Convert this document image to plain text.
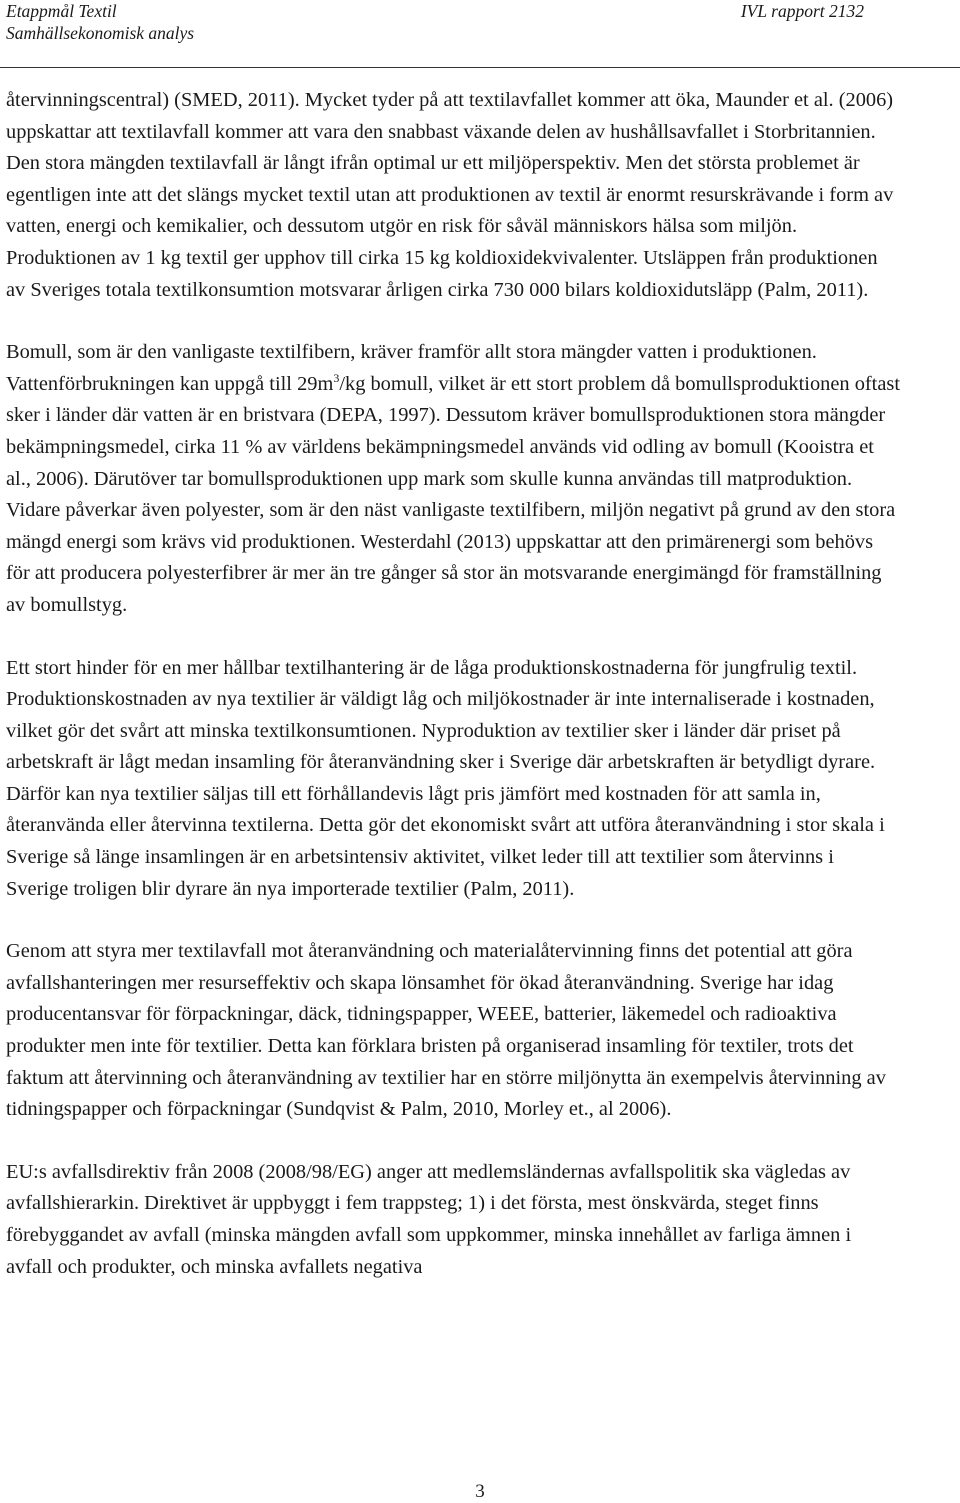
Etappmål Textil
Samhällsekonomisk analys
IVL rapport 2132

återvinningscentral) (SMED, 2011). Mycket tyder på att textilavfallet kommer att öka, Maunder et al. (2006) uppskattar att textilavfall kommer att vara den snabbast växande delen av hushållsavfallet i Storbritannien. Den stora mängden textilavfall är långt ifrån optimal ur ett miljöperspektiv. Men det största problemet är egentligen inte att det slängs mycket textil utan att produktionen av textil är enormt resurskrävande i form av vatten, energi och kemikalier, och dessutom utgör en risk för såväl människors hälsa som miljön. Produktionen av 1 kg textil ger upphov till cirka 15 kg koldioxidekvivalenter. Utsläppen från produktionen av Sveriges totala textilkonsumtion motsvarar årligen cirka 730 000 bilars koldioxidutsläpp (Palm, 2011).

Bomull, som är den vanligaste textilfibern, kräver framför allt stora mängder vatten i produktionen. Vattenförbrukningen kan uppgå till $29m^3/kg$ bomull, vilket är ett stort problem då bomullsproduktionen oftast sker i länder där vatten är en bristvara (DEPA, 1997). Dessutom kräver bomullsproduktionen stora mängder bekämpningsmedel, cirka 11 % av världens bekämpningsmedel används vid odling av bomull (Kooistra et al., 2006). Därutöver tar bomullsproduktionen upp mark som skulle kunna användas till matproduktion. Vidare påverkar även polyester, som är den näst vanligaste textilfibern, miljön negativt på grund av den stora mängd energi som krävs vid produktionen. Westerdahl (2013) uppskattar att den primärenergi som behövs för att producera polyesterfibrer är mer än tre gånger så stor än motsvarande energimängd för framställning av bomullstyg.

Ett stort hinder för en mer hållbar textilhantering är de låga produktionskostnaderna för jungfrulig textil. Produktionskostnaden av nya textilier är väldigt låg och miljökostnader är inte internaliserade i kostnaden, vilket gör det svårt att minska textilkonsumtionen. Nyproduktion av textilier sker i länder där priset på arbetskraft är lågt medan insamling för återanvändning sker i Sverige där arbetskraften är betydligt dyrare. Därför kan nya textilier säljas till ett förhållandevis lågt pris jämfört med kostnaden för att samla in, återanvända eller återvinna textilerna. Detta gör det ekonomiskt svårt att utföra återanvändning i stor skala i Sverige så länge insamlingen är en arbetsintensiv aktivitet, vilket leder till att textilier som återvinns i Sverige troligen blir dyrare än nya importerade textilier (Palm, 2011).

Genom att styra mer textilavfall mot återanvändning och materialåtervinning finns det potential att göra avfallshanteringen mer resurseffektiv och skapa lönsamhet för ökad återanvändning. Sverige har idag producentansvar för förpackningar, däck, tidningspapper, WEEE, batterier, läkemedel och radioaktiva produkter men inte för textilier. Detta kan förklara bristen på organiserad insamling för textiler, trots det faktum att återvinning och återanvändning av textilier har en större miljönytta än exempelvis återvinning av tidningspapper och förpackningar (Sundqvist & Palm, 2010, Morley et., al 2006).

EU:s avfallsdirektiv från 2008 (2008/98/EG) anger att medlemsländernas avfallspolitik ska vägledas av avfallshierarkin. Direktivet är uppbyggt i fem trappsteg; 1) i det första, mest önskvärda, steget finns förebyggandet av avfall (minska mängden avfall som uppkommer, minska innehållet av farliga ämnen i avfall och produkter, och minska avfallets negativa

3
